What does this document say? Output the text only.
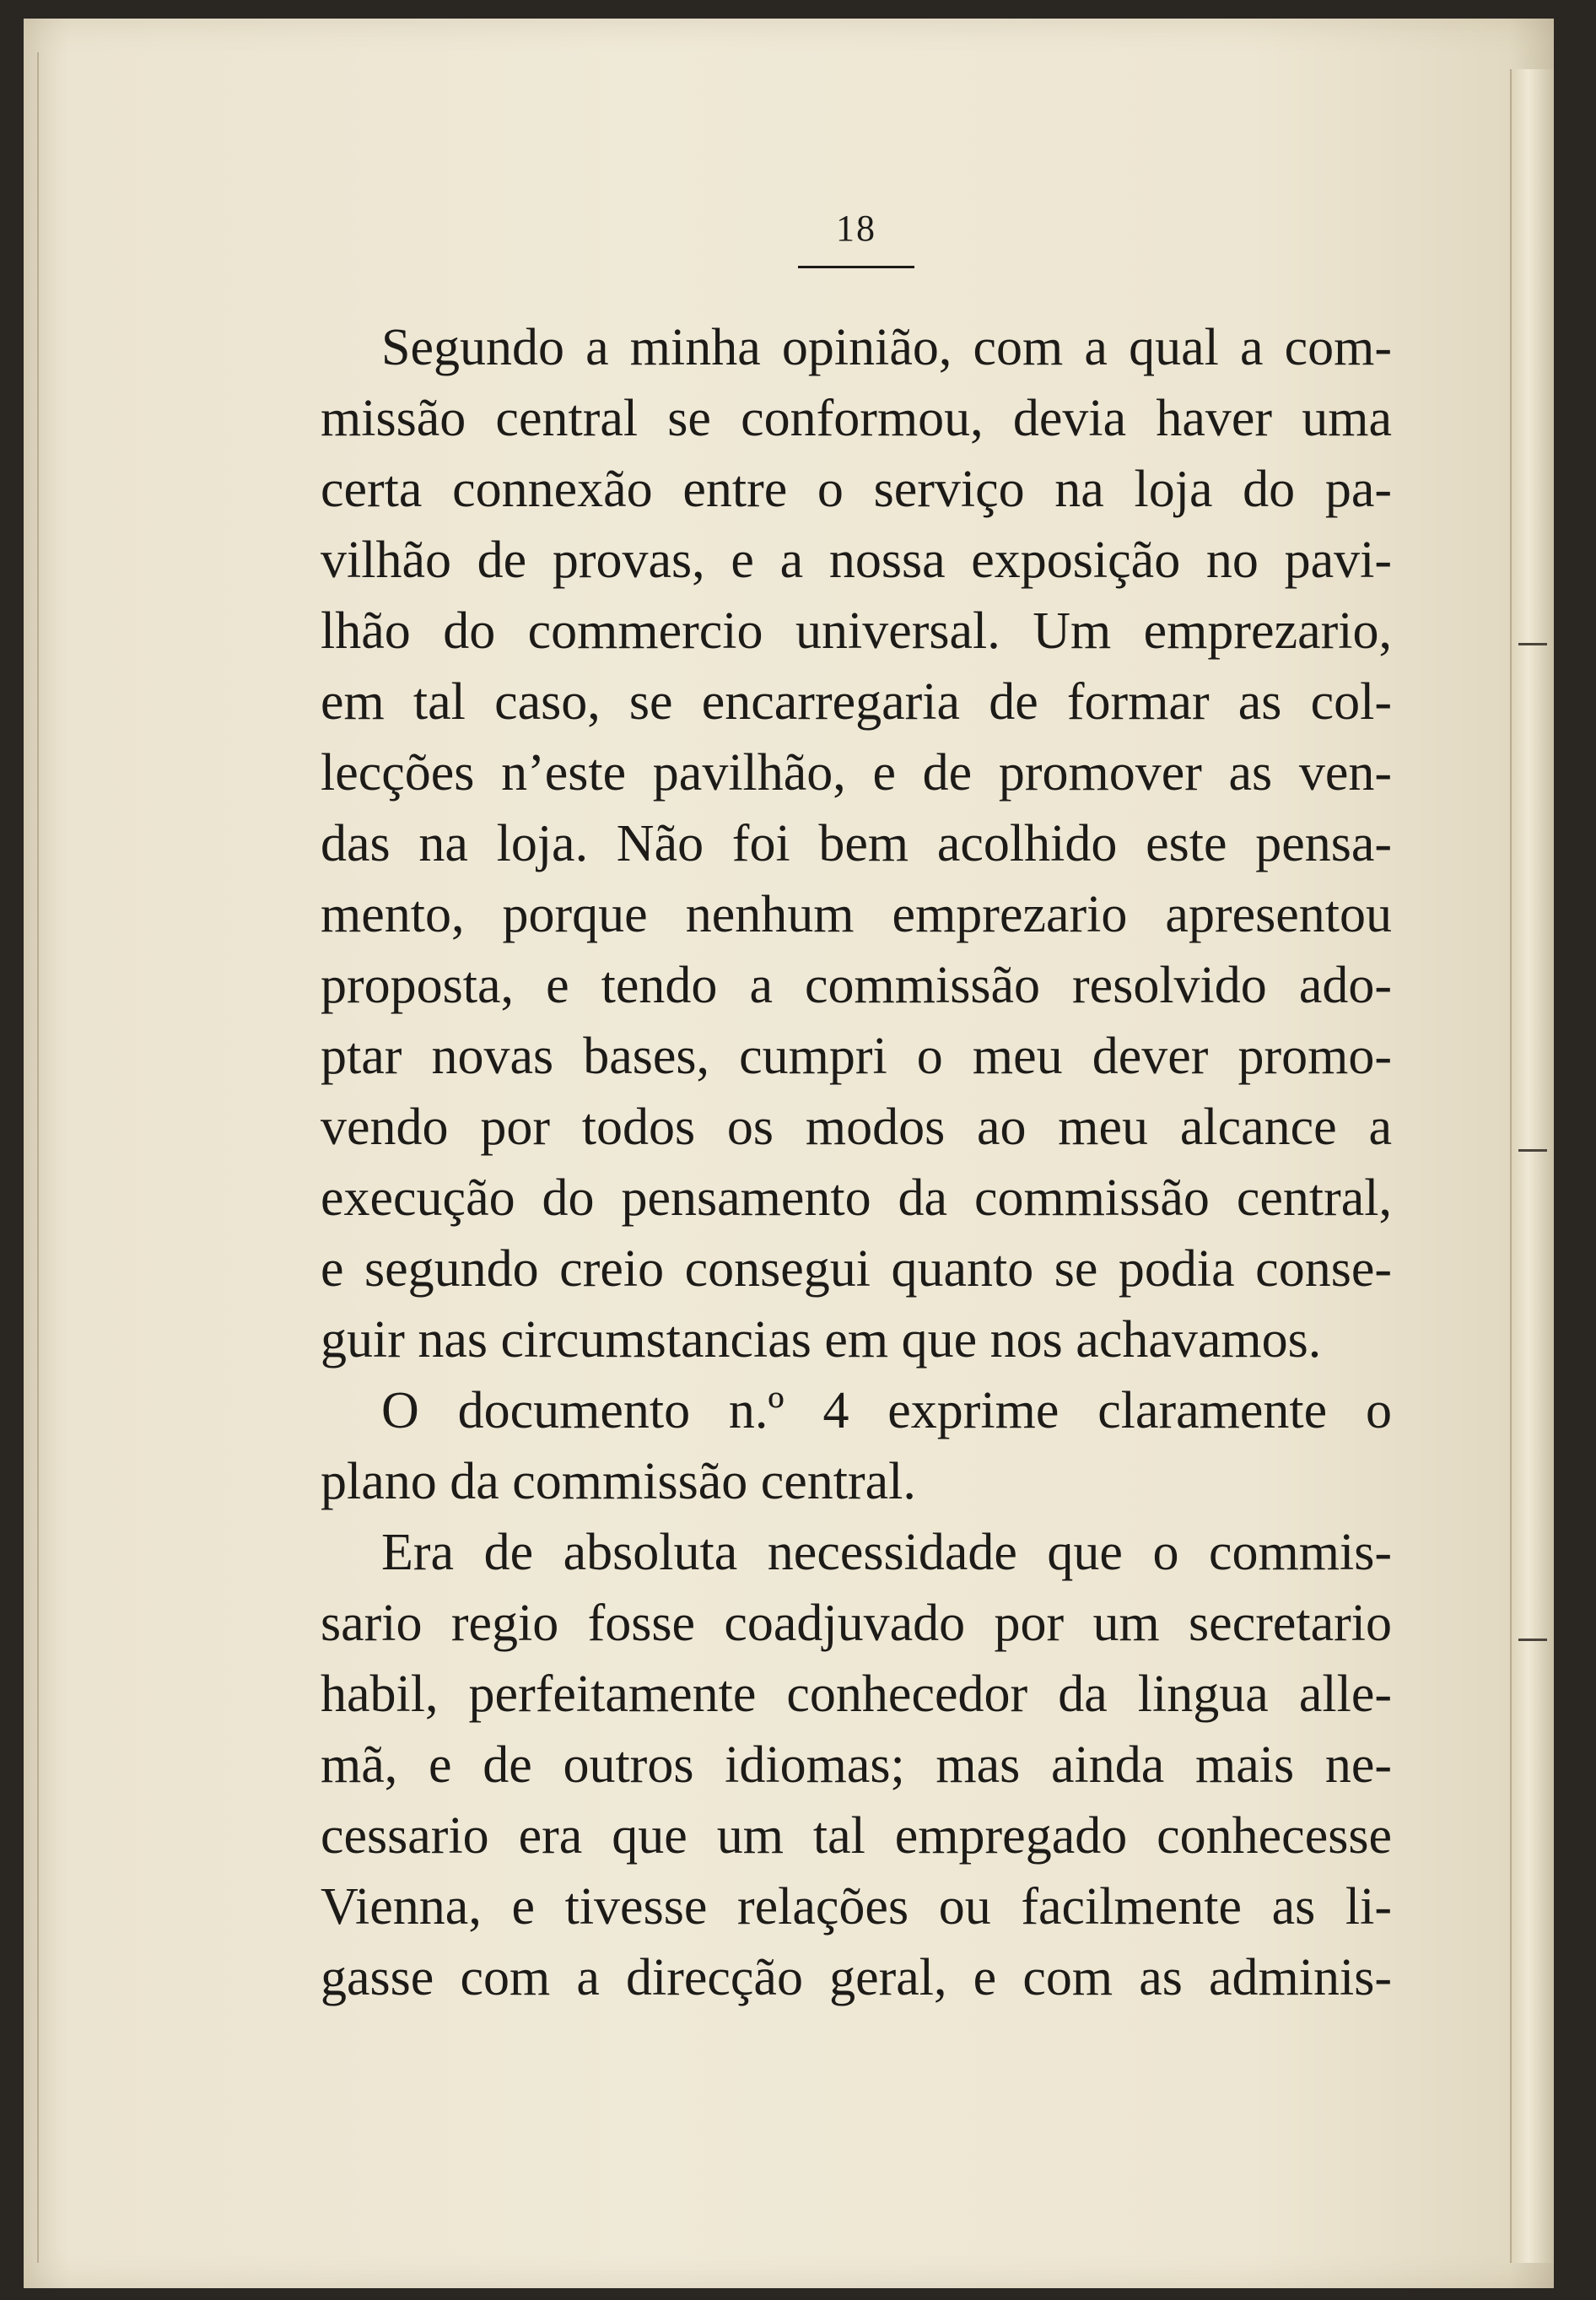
18
Segundo a minha opinião, com a qual a com-
missão central se conformou, devia haver uma
certa connexão entre o serviço na loja do pa-
vilhão de provas, e a nossa exposição no pavi-
lhão do commercio universal. Um emprezario,
em tal caso, se encarregaria de formar as col-
lecções n’este pavilhão, e de promover as ven-
das na loja. Não foi bem acolhido este pensa-
mento, porque nenhum emprezario apresentou
proposta, e tendo a commissão resolvido ado-
ptar novas bases, cumpri o meu dever promo-
vendo por todos os modos ao meu alcance a
execução do pensamento da commissão central,
e segundo creio consegui quanto se podia conse-
guir nas circumstancias em que nos achavamos.
O documento n.º 4 exprime claramente o
plano da commissão central.
Era de absoluta necessidade que o commis-
sario regio fosse coadjuvado por um secretario
habil, perfeitamente conhecedor da lingua alle-
mã, e de outros idiomas; mas ainda mais ne-
cessario era que um tal empregado conhecesse
Vienna, e tivesse relações ou facilmente as li-
gasse com a direcção geral, e com as adminis-
